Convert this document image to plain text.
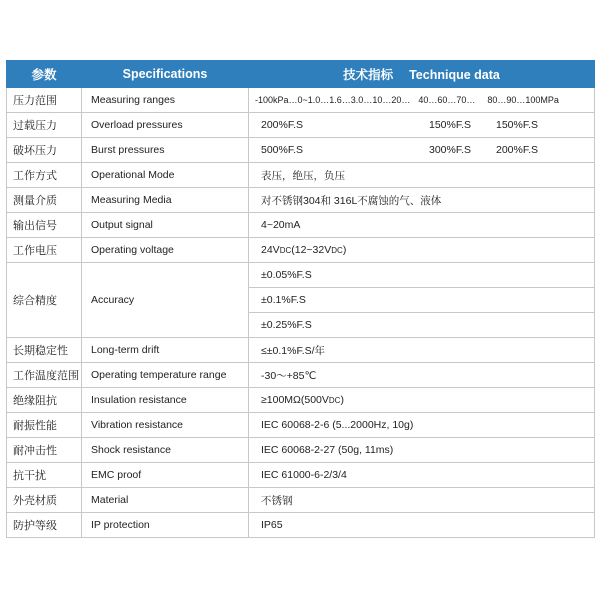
参数	Specifications	技术指标　 Technique data
压力范围	Measuring ranges	-100kPa…0~1.0…1.6…3.0…10…20… 40…60…70… 80…90…100MPa
过载压力	Overload pressures	200%F.S 150%F.S 150%F.S
破坏压力	Burst pressures	500%F.S 300%F.S 200%F.S
工作方式	Operational Mode	表压，绝压，负压
测量介质	Measuring Media	对不锈钢304和 316L不腐蚀的气、液体
输出信号	Output signal	4~20mA
工作电压	Operating voltage	24VDC(12~32VDC)
综合精度	Accuracy	±0.05%F.S
		±0.1%F.S
		±0.25%F.S
长期稳定性	Long-term drift	≤±0.1%F.S/年
工作温度范围	Operating temperature range	-30～+85℃
绝缘阻抗	Insulation resistance	≥100MΩ(500VDC)
耐振性能	Vibration resistance	IEC 60068-2-6 (5...2000Hz, 10g)
耐冲击性	Shock resistance	IEC 60068-2-27 (50g, 11ms)
抗干扰	EMC proof	IEC 61000-6-2/3/4
外壳材质	Material	不锈钢
防护等级	IP protection	IP65
